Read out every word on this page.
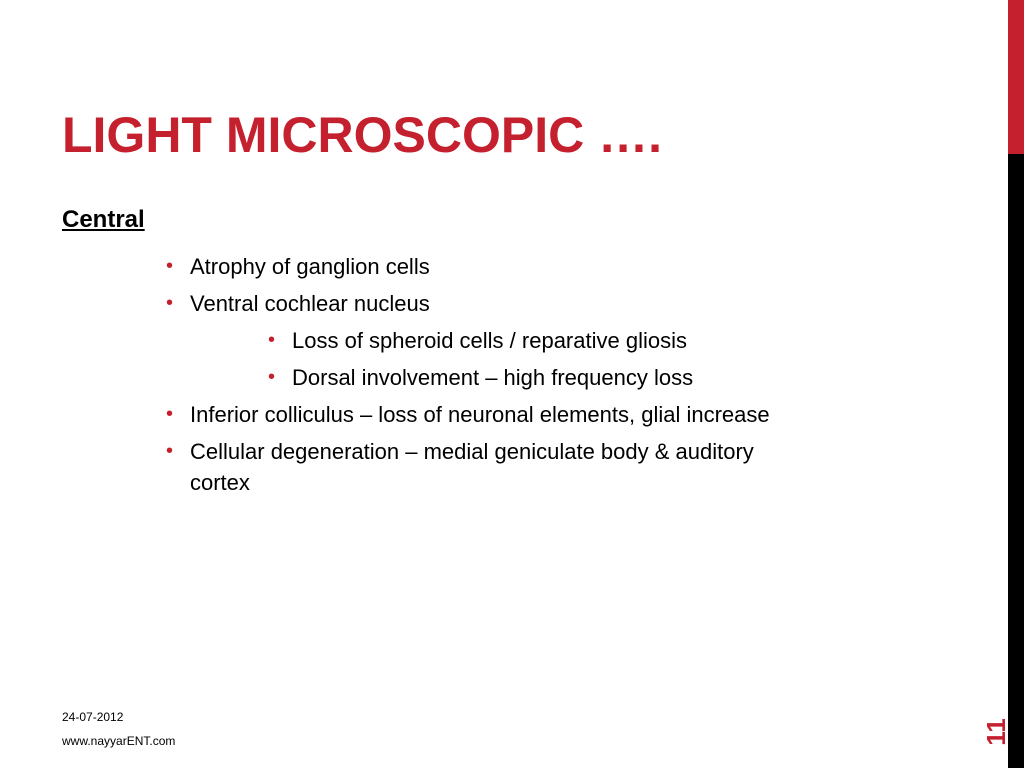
LIGHT MICROSCOPIC ….

Central

• Atrophy of ganglion cells
• Ventral cochlear nucleus
• Loss of spheroid cells / reparative gliosis
• Dorsal involvement – high frequency loss
• Inferior colliculus – loss of neuronal elements, glial increase
• Cellular degeneration – medial geniculate body & auditory
cortex
24-07-2012
www.nayyarENT.com	11
